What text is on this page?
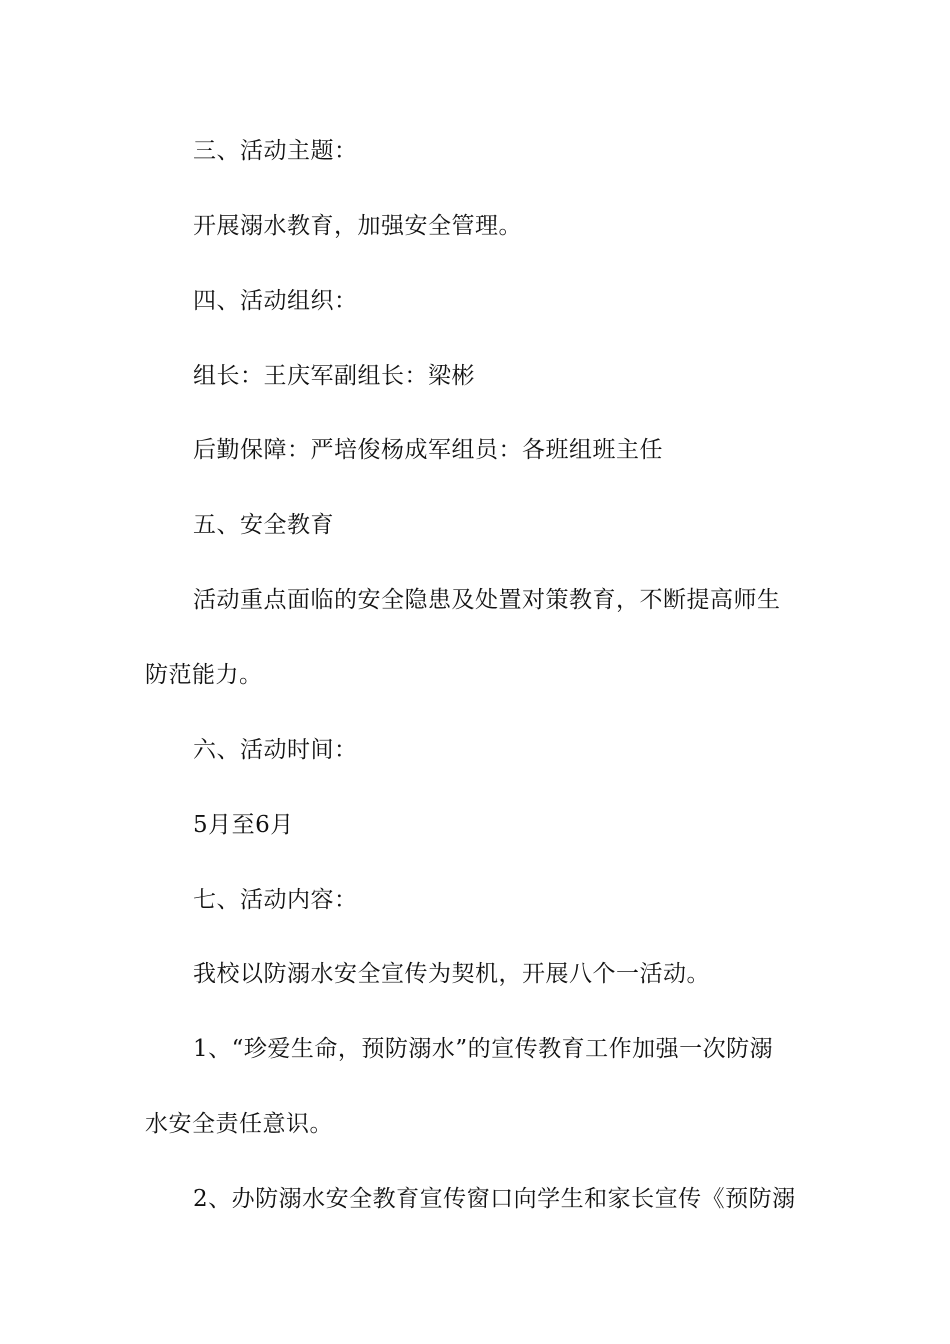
三、活动主题：
开展溺水教育，加强安全管理。
四、活动组织：
组长：王庆军副组长：梁彬
后勤保障：严培俊杨成军组员：各班组班主任
五、安全教育
活动重点面临的安全隐患及处置对策教育，不断提高师生
防范能力。
六、活动时间：
5月至6月
七、活动内容：
我校以防溺水安全宣传为契机，开展八个一活动。
1、“珍爱生命，预防溺水”的宣传教育工作加强一次防溺
水安全责任意识。
2、办防溺水安全教育宣传窗口向学生和家长宣传《预防溺
